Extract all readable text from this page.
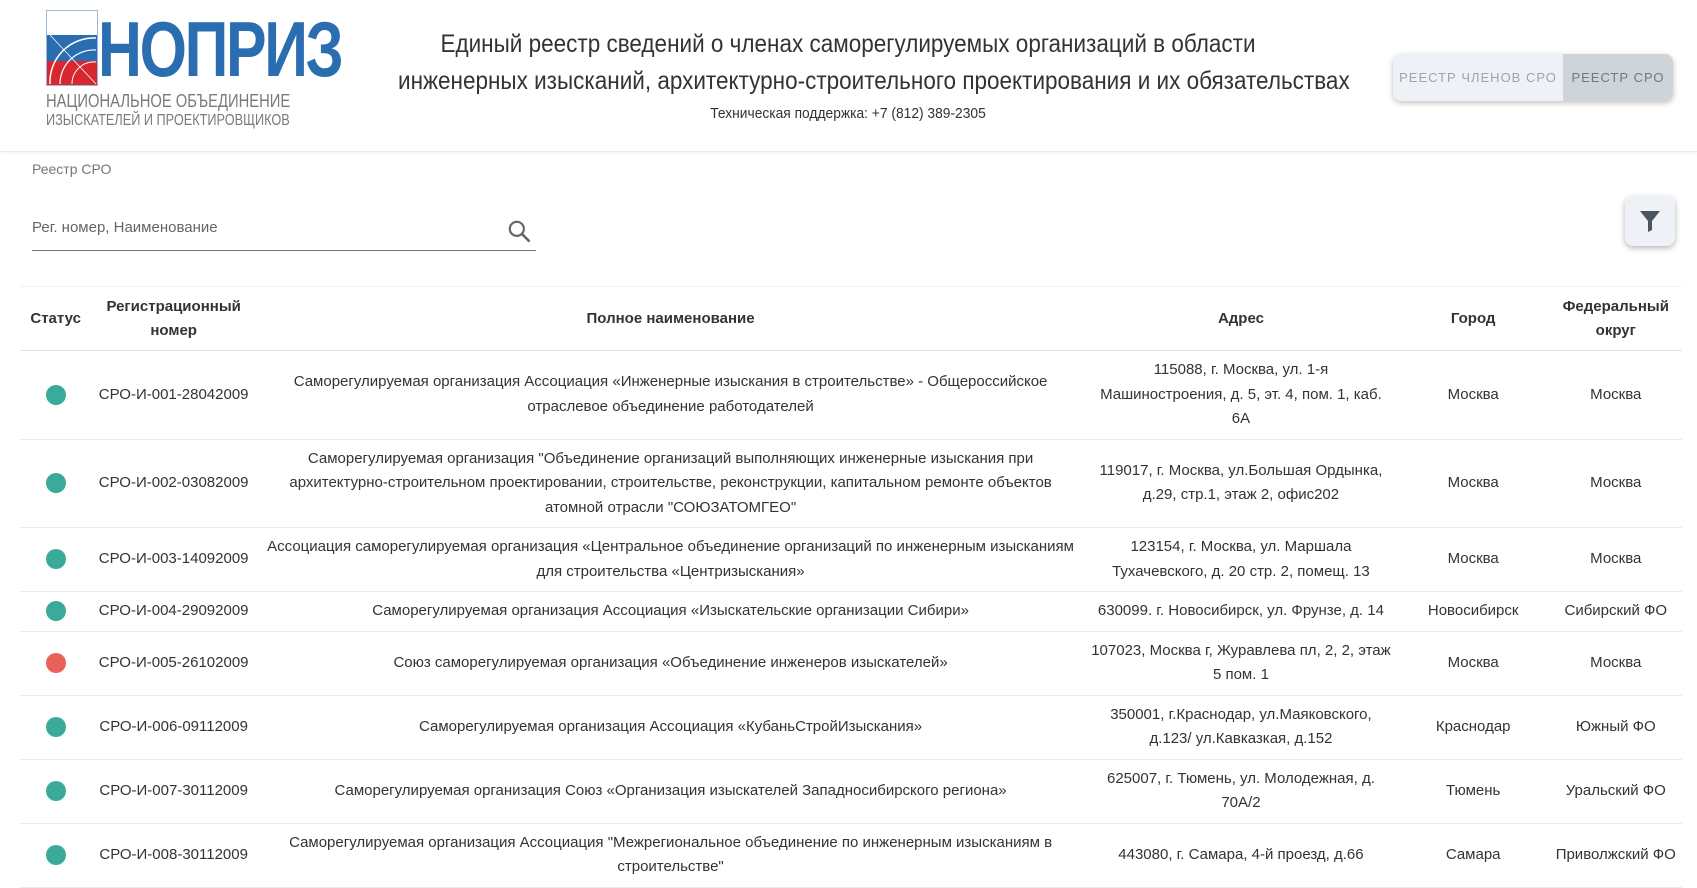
НОПРИЗ
НАЦИОНАЛЬНОЕ ОБЪЕДИНЕНИЕ
ИЗЫСКАТЕЛЕЙ И ПРОЕКТИРОВЩИКОВ
Единый реестр сведений о членах саморегулируемых организаций в области
инженерных изысканий, архитектурно-строительного проектирования и их обязательствах
Техническая поддержка: +7 (812) 389-2305
РЕЕСТР ЧЛЕНОВ СРО	РЕЕСТР СРО
Реестр СРО
Рег. номер, Наименование
Статус	Регистрационный номер	Полное наименование	Адрес	Город	Федеральный округ
	СРО-И-001-28042009	Саморегулируемая организация Ассоциация «Инженерные изыскания в строительстве» - Общероссийское отраслевое объединение работодателей	115088, г. Москва, ул. 1-я Машиностроения, д. 5, эт. 4, пом. 1, каб. 6А	Москва	Москва
	СРО-И-002-03082009	Саморегулируемая организация "Объединение организаций выполняющих инженерные изыскания при архитектурно-строительном проектировании, строительстве, реконструкции, капитальном ремонте объектов атомной отрасли "СОЮЗАТОМГЕО"	119017, г. Москва, ул.Большая Ордынка, д.29, стр.1, этаж 2, офис202	Москва	Москва
	СРО-И-003-14092009	Ассоциация саморегулируемая организация «Центральное объединение организаций по инженерным изысканиям для строительства «Центризыскания»	123154, г. Москва, ул. Маршала Тухачевского, д. 20 стр. 2, помещ. 13	Москва	Москва
	СРО-И-004-29092009	Саморегулируемая организация Ассоциация «Изыскательские организации Сибири»	630099. г. Новосибирск, ул. Фрунзе, д. 14	Новосибирск	Сибирский ФО
	СРО-И-005-26102009	Союз саморегулируемая организация «Объединение инженеров изыскателей»	107023, Москва г, Журавлева пл, 2, 2, этаж 5 пом. 1	Москва	Москва
	СРО-И-006-09112009	Саморегулируемая организация Ассоциация «КубаньСтройИзыскания»	350001, г.Краснодар, ул.Маяковского, д.123/ ул.Кавказкая, д.152	Краснодар	Южный ФО
	СРО-И-007-30112009	Саморегулируемая организация Союз «Организация изыскателей Западносибирского региона»	625007, г. Тюмень, ул. Молодежная, д. 70А/2	Тюмень	Уральский ФО
	СРО-И-008-30112009	Саморегулируемая организация Ассоциация "Межрегиональное объединение по инженерным изысканиям в строительстве"	443080, г. Самара, 4-й проезд, д.66	Самара	Приволжский ФО
